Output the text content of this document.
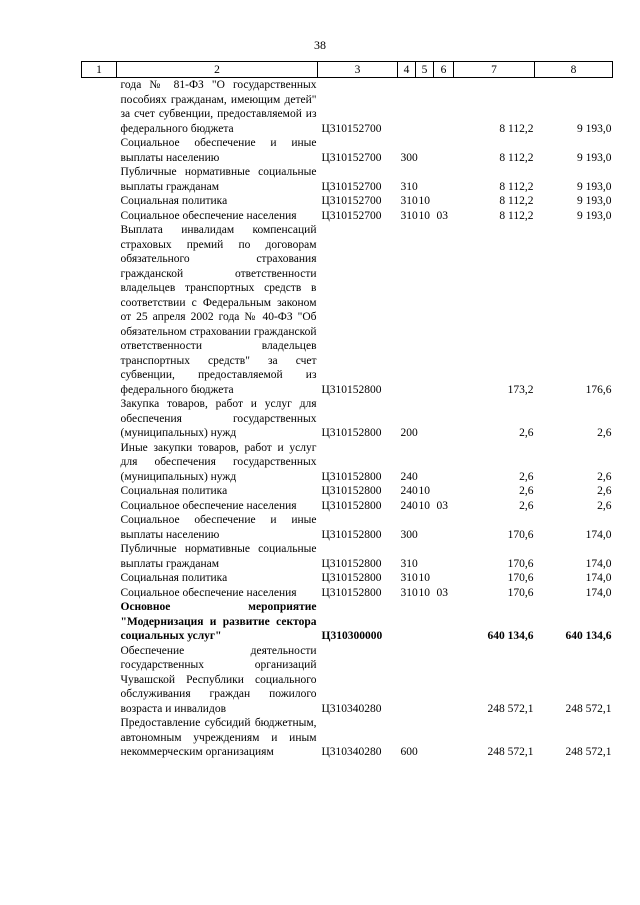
38
1	2	3	4	5	6	7	8
	года № 81-ФЗ "О государственных пособиях гражданам, имеющим детей" за счет субвенции, предоставляемой из федерального бюджета	Ц310152700				8 112,2	9 193,0
	Социальное обеспечение и иные выплаты населению	Ц310152700	300			8 112,2	9 193,0
	Публичные нормативные социальные выплаты гражданам	Ц310152700	310			8 112,2	9 193,0
	Социальная политика	Ц310152700	310	10		8 112,2	9 193,0
	Социальное обеспечение населения	Ц310152700	310	10	03	8 112,2	9 193,0
	Выплата инвалидам компенсаций страховых премий по договорам обязательного страхования гражданской ответственности владельцев транспортных средств в соответствии с Федеральным законом от 25 апреля 2002 года № 40-ФЗ "Об обязательном страховании гражданской ответственности владельцев транспортных средств" за счет субвенции, предоставляемой из федерального бюджета	Ц310152800				173,2	176,6
	Закупка товаров, работ и услуг для обеспечения государственных (муниципальных) нужд	Ц310152800	200			2,6	2,6
	Иные закупки товаров, работ и услуг для обеспечения государственных (муниципальных) нужд	Ц310152800	240			2,6	2,6
	Социальная политика	Ц310152800	240	10		2,6	2,6
	Социальное обеспечение населения	Ц310152800	240	10	03	2,6	2,6
	Социальное обеспечение и иные выплаты населению	Ц310152800	300			170,6	174,0
	Публичные нормативные социальные выплаты гражданам	Ц310152800	310			170,6	174,0
	Социальная политика	Ц310152800	310	10		170,6	174,0
	Социальное обеспечение населения	Ц310152800	310	10	03	170,6	174,0
	Основное мероприятие "Модернизация и развитие сектора социальных услуг"	Ц310300000				640 134,6	640 134,6
	Обеспечение деятельности государственных организаций Чувашской Республики социального обслуживания граждан пожилого возраста и инвалидов	Ц310340280				248 572,1	248 572,1
	Предоставление субсидий бюджетным, автономным учреждениям и иным некоммерческим организациям	Ц310340280	600			248 572,1	248 572,1
